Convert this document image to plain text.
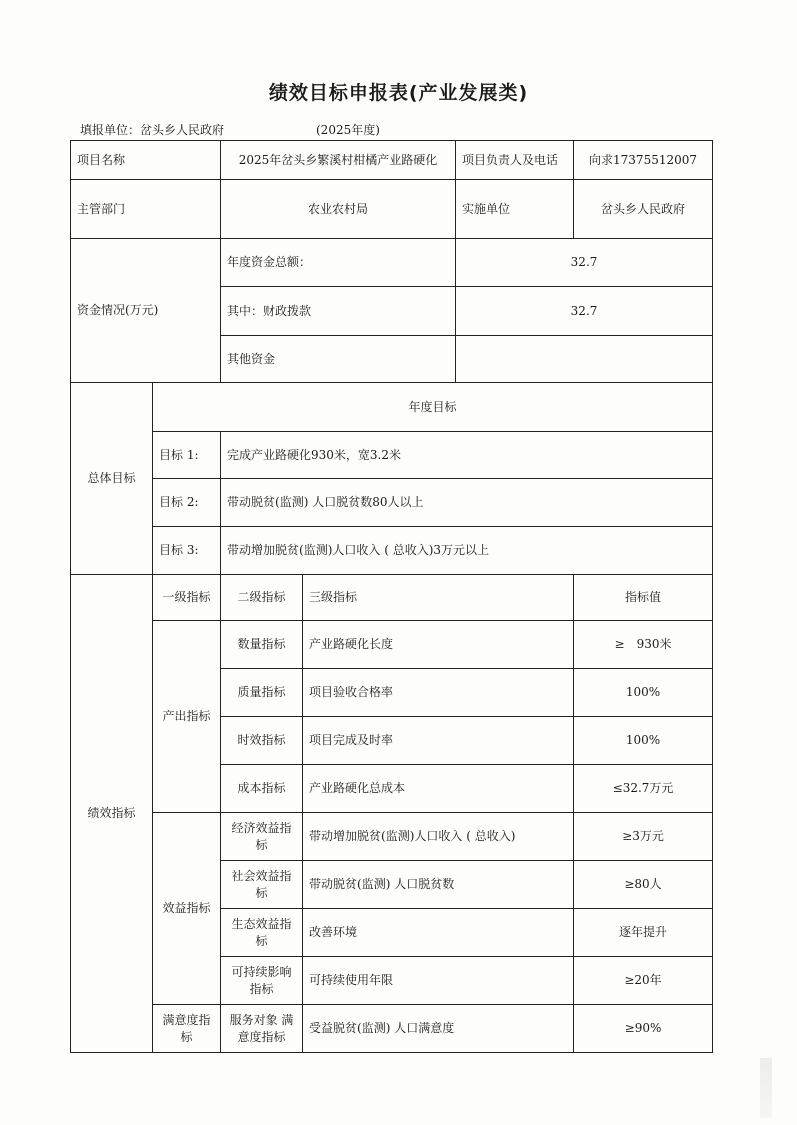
绩效目标申报表(产业发展类)
填报单位：岔头乡人民政府	(2025年度)
项目名称		2025年岔头乡繁溪村柑橘产业路硬化		项目负责人及电话	向求17375512007
主管部门		农业农村局		实施单位	岔头乡人民政府
资金情况(万元)		年度资金总额：		32.7	
		其中：财政拨款		32.7	
		其他资金			
总体目标	年度目标				
	目标 1:	完成产业路硬化930米，宽3.2米			
	目标 2:	带动脱贫(监测) 人口脱贫数80人以上			
	目标 3:	带动增加脱贫(监测)人口收入 ( 总收入)3万元以上			
绩效指标	一级指标	二级指标	三级指标		指标值
	产出指标	数量指标	产业路硬化长度		≥　930米
		质量指标	项目验收合格率		100%
		时效指标	项目完成及时率		100%
		成本指标	产业路硬化总成本		≤32.7万元
	效益指标	经济效益指标	带动增加脱贫(监测)人口收入 ( 总收入)		≥3万元
		社会效益指标	带动脱贫(监测) 人口脱贫数		≥80人
		生态效益指标	改善环境		逐年提升
		可持续影响指标	可持续使用年限		≥20年
	满意度指标	服务对象 满意度指标	受益脱贫(监测) 人口满意度		≥90%
